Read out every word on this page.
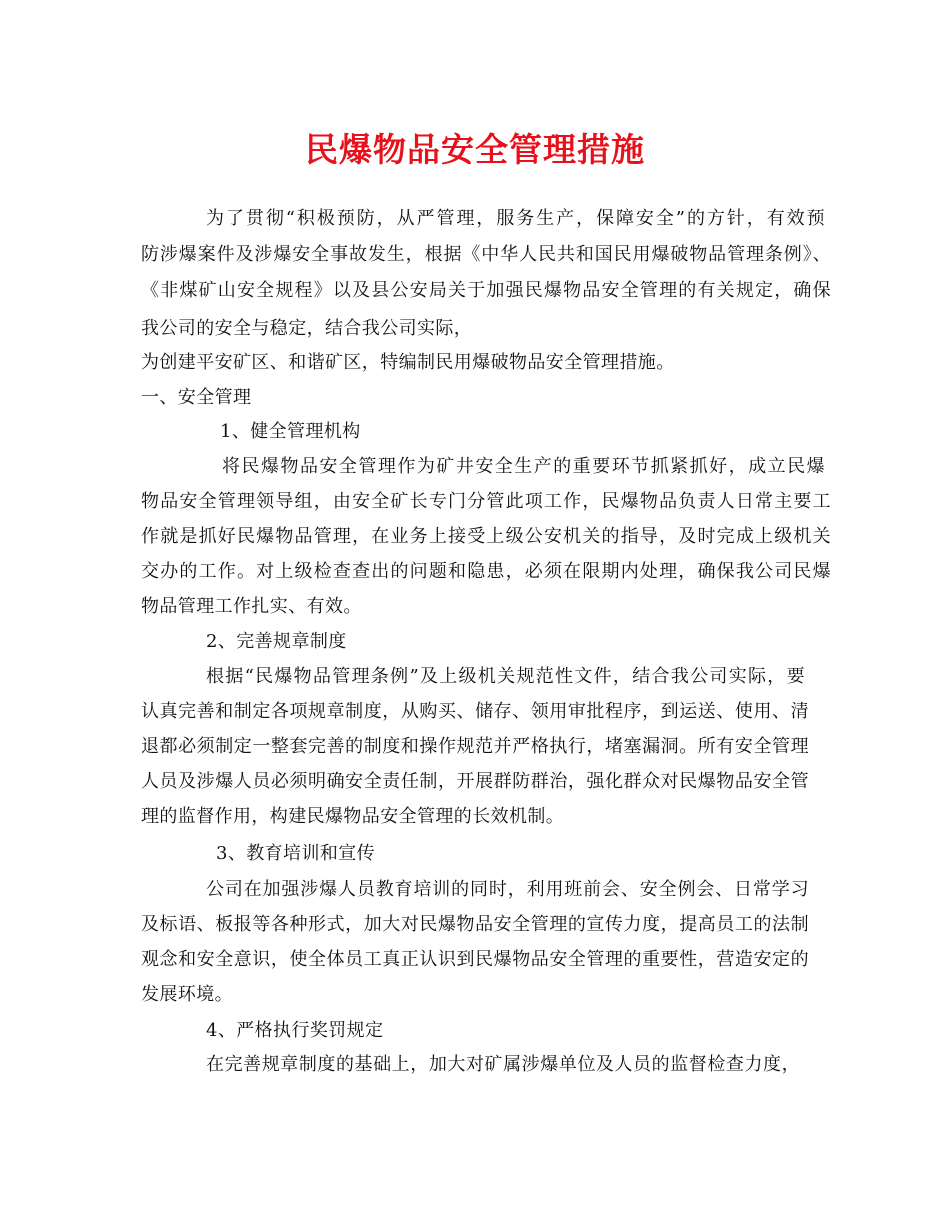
民爆物品安全管理措施
为了贯彻“积极预防，从严管理，服务生产，保障安全”的方针，有效预
防涉爆案件及涉爆安全事故发生，根据《中华人民共和国民用爆破物品管理条例》、
《非煤矿山安全规程》以及县公安局关于加强民爆物品安全管理的有关规定，确保
我公司的安全与稳定，结合我公司实际，
为创建平安矿区、和谐矿区，特编制民用爆破物品安全管理措施。
一、安全管理
1、健全管理机构
将民爆物品安全管理作为矿井安全生产的重要环节抓紧抓好，成立民爆
物品安全管理领导组，由安全矿长专门分管此项工作，民爆物品负责人日常主要工
作就是抓好民爆物品管理，在业务上接受上级公安机关的指导，及时完成上级机关
交办的工作。对上级检查查出的问题和隐患，必须在限期内处理，确保我公司民爆
物品管理工作扎实、有效。
2、完善规章制度
根据“民爆物品管理条例”及上级机关规范性文件，结合我公司实际，要
认真完善和制定各项规章制度，从购买、储存、领用审批程序，到运送、使用、清
退都必须制定一整套完善的制度和操作规范并严格执行，堵塞漏洞。所有安全管理
人员及涉爆人员必须明确安全责任制，开展群防群治，强化群众对民爆物品安全管
理的监督作用，构建民爆物品安全管理的长效机制。
3、教育培训和宣传
公司在加强涉爆人员教育培训的同时，利用班前会、安全例会、日常学习
及标语、板报等各种形式，加大对民爆物品安全管理的宣传力度，提高员工的法制
观念和安全意识，使全体员工真正认识到民爆物品安全管理的重要性，营造安定的
发展环境。
4、严格执行奖罚规定
在完善规章制度的基础上，加大对矿属涉爆单位及人员的监督检查力度，
